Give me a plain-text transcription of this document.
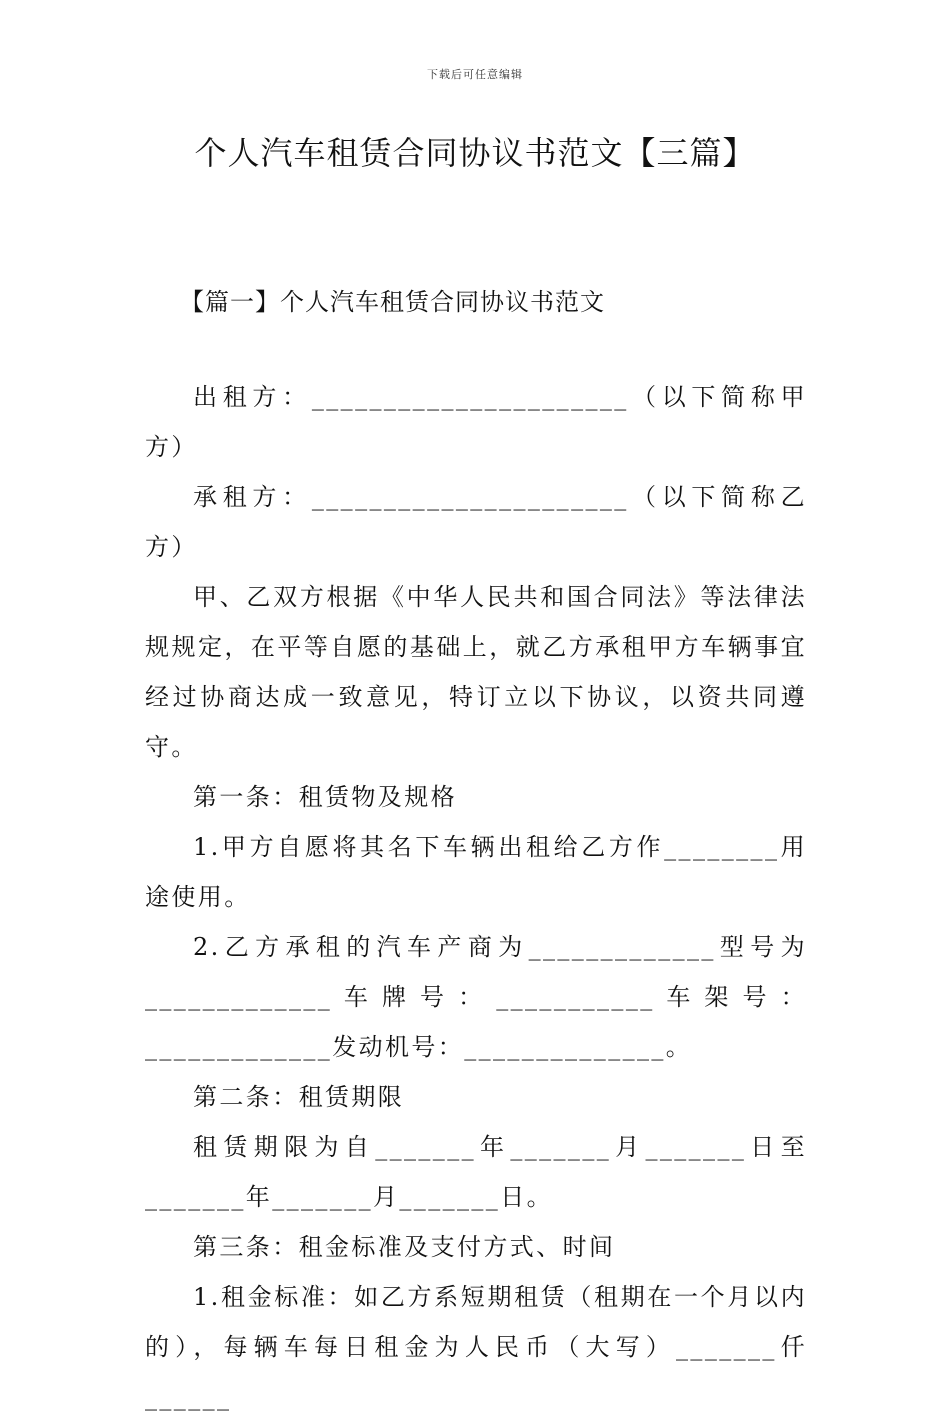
下载后可任意编辑
个人汽车租赁合同协议书范文【三篇】
【篇一】个人汽车租赁合同协议书范文

出租方：______________________（以下简称甲方）

承租方：______________________（以下简称乙方）

甲、乙双方根据《中华人民共和国合同法》等法律法规规定，在平等自愿的基础上，就乙方承租甲方车辆事宜经过协商达成一致意见，特订立以下协议，以资共同遵守。

第一条：租赁物及规格

1.甲方自愿将其名下车辆出租给乙方作________用途使用。

2.乙方承租的汽车产商为_____________型号为_____________车牌号：___________车架号：_____________发动机号：______________。

第二条：租赁期限

租赁期限为自_______年_______月_______日至_______年_______月_______日。

第三条：租金标准及支付方式、时间

1.租金标准：如乙方系短期租赁（租期在一个月以内的），每辆车每日租金为人民币（大写）_______仟______
